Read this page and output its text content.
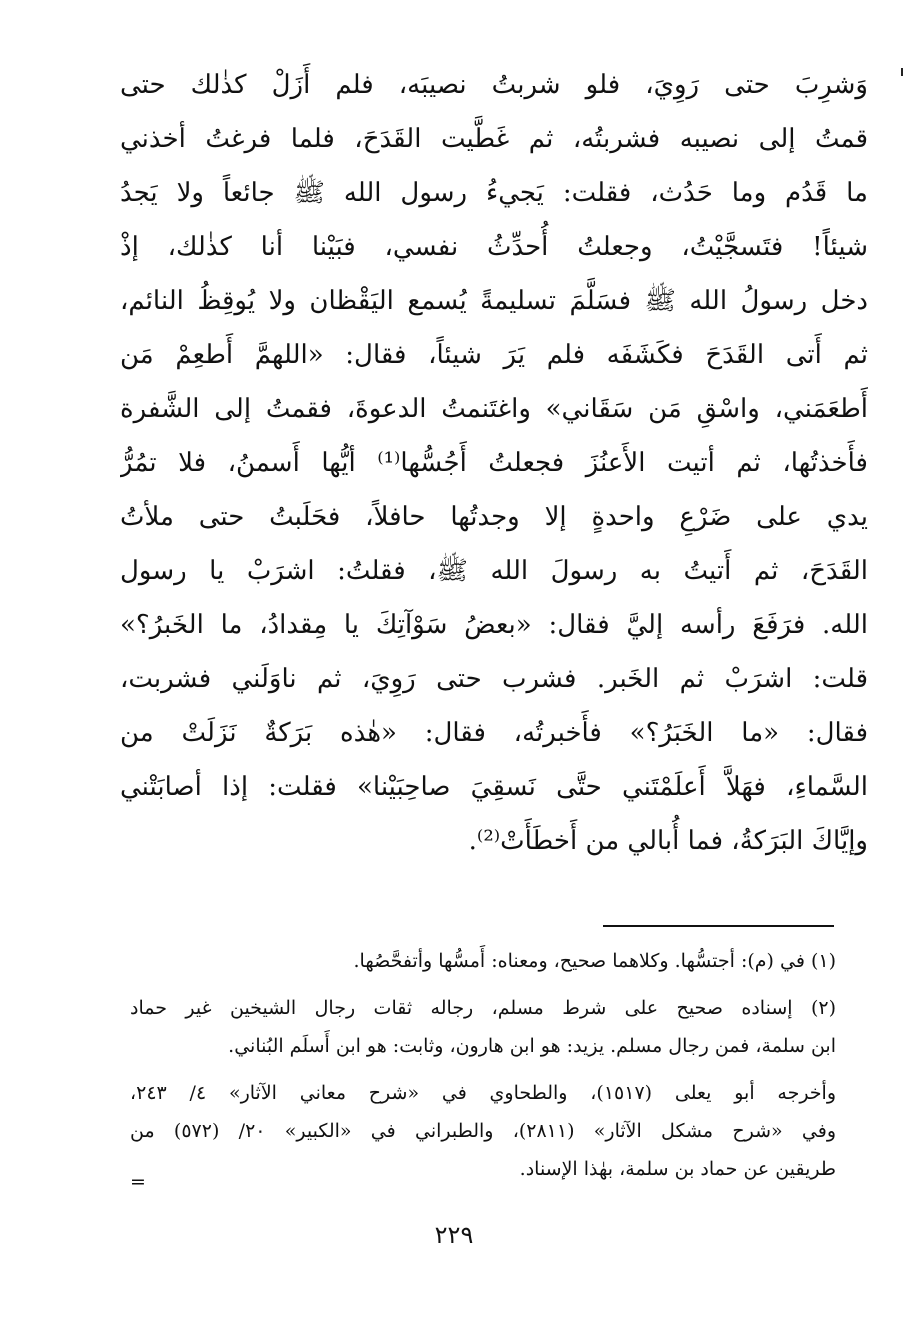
وَشرِبَ حتى رَوِيَ، فلو شربتُ نصيبَه، فلم أَزَلْ كذٰلك حتى
قمتُ إلى نصيبه فشربتُه، ثم غَطَّيت القَدَحَ، فلما فرغتُ أخذني
ما قَدُم وما حَدُث، فقلت: يَجيءُ رسول الله ﷺ جائعاً ولا يَجدُ
شيئاً! فتَسجَّيْتُ، وجعلتُ أُحدِّثُ نفسي، فبَيْنا أنا كذٰلك، إذْ
دخل رسولُ الله ﷺ فسَلَّمَ تسليمةً يُسمع اليَقْظان ولا يُوقِظُ النائم،
ثم أَتى القَدَحَ فكَشَفَه فلم يَرَ شيئاً، فقال: «اللهمَّ أَطعِمْ مَن
أَطعَمَني، واسْقِ مَن سَقَاني» واغتَنمتُ الدعوةَ، فقمتُ إلى الشَّفرة
فأَخذتُها، ثم أتيت الأَعنُزَ فجعلتُ أَجُسُّها⁽¹⁾ أيُّها أَسمنُ، فلا تمُرُّ
يدي على ضَرْعِ واحدةٍ إلا وجدتُها حافلاً، فحَلَبتُ حتى ملأتُ
القَدَحَ، ثم أَتيتُ به رسولَ الله ﷺ، فقلتُ: اشرَبْ يا رسول
الله. فرَفَعَ رأسه إليَّ فقال: «بعضُ سَوْآتِكَ يا مِقدادُ، ما الخَبرُ؟»
قلت: اشرَبْ ثم الخَبر. فشرب حتى رَوِيَ، ثم ناوَلَني فشربت،
فقال: «ما الخَبَرُ؟» فأَخبرتُه، فقال: «هٰذه بَرَكةٌ نَزَلَتْ من
السَّماءِ، فهَلاَّ أَعلَمْتَني حتَّى نَسقِيَ صاحِبَيْنا» فقلت: إذا أصابَتْني
وإيَّاكَ البَرَكةُ، فما أُبالي من أَخطَأَتْ⁽²⁾.
(١) في (م): أجتسُّها. وكلاهما صحيح، ومعناه: أَمسُّها وأتفحَّصُها.
(٢) إسناده صحيح على شرط مسلم، رجاله ثقات رجال الشيخين غير حماد
ابن سلمة، فمن رجال مسلم. يزيد: هو ابن هارون، وثابت: هو ابن أَسلَم البُناني.
وأخرجه أبو يعلى (١٥١٧)، والطحاوي في «شرح معاني الآثار» ٤/ ٢٤٣،
وفي «شرح مشكل الآثار» (٢٨١١)، والطبراني في «الكبير» ٢٠/ (٥٧٢) من
طريقين عن حماد بن سلمة، بهٰذا الإسناد.
=
٢٢٩
